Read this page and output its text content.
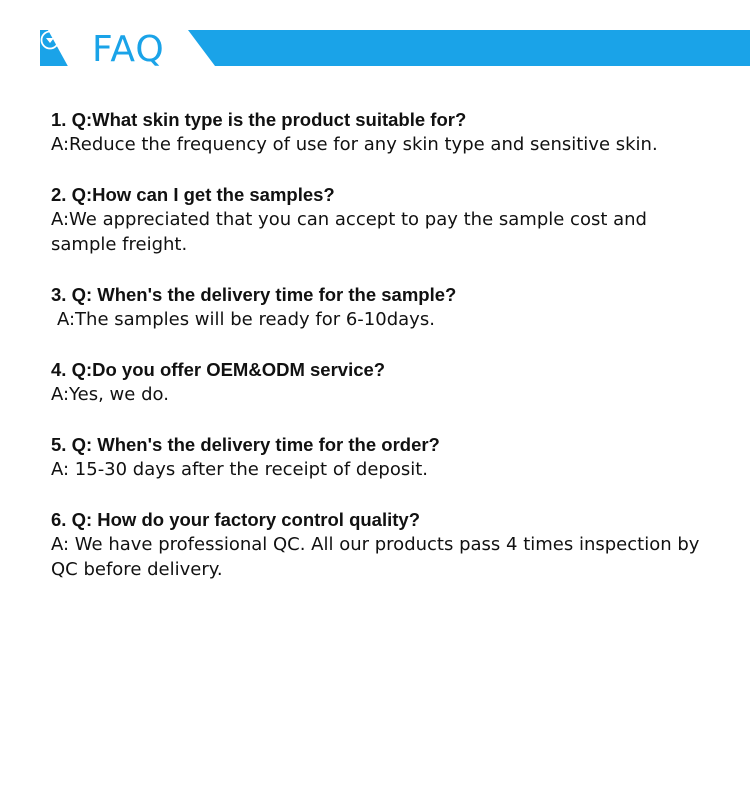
FAQ
1. Q:What skin type is the product suitable for?
A:Reduce the frequency of use for any skin type and sensitive skin.
2. Q:How can I get the samples?
A:We appreciated that you can accept to pay the sample cost and sample freight.
3. Q: When's the delivery time for the sample?
A:The samples will be ready for 6-10days.
4. Q:Do you offer OEM&ODM service?
A:Yes, we do.
5. Q: When's the delivery time for the order?
A: 15-30 days after the receipt of deposit.
6. Q: How do your factory control quality?
A: We have professional QC. All our products pass 4 times inspection by QC before delivery.
